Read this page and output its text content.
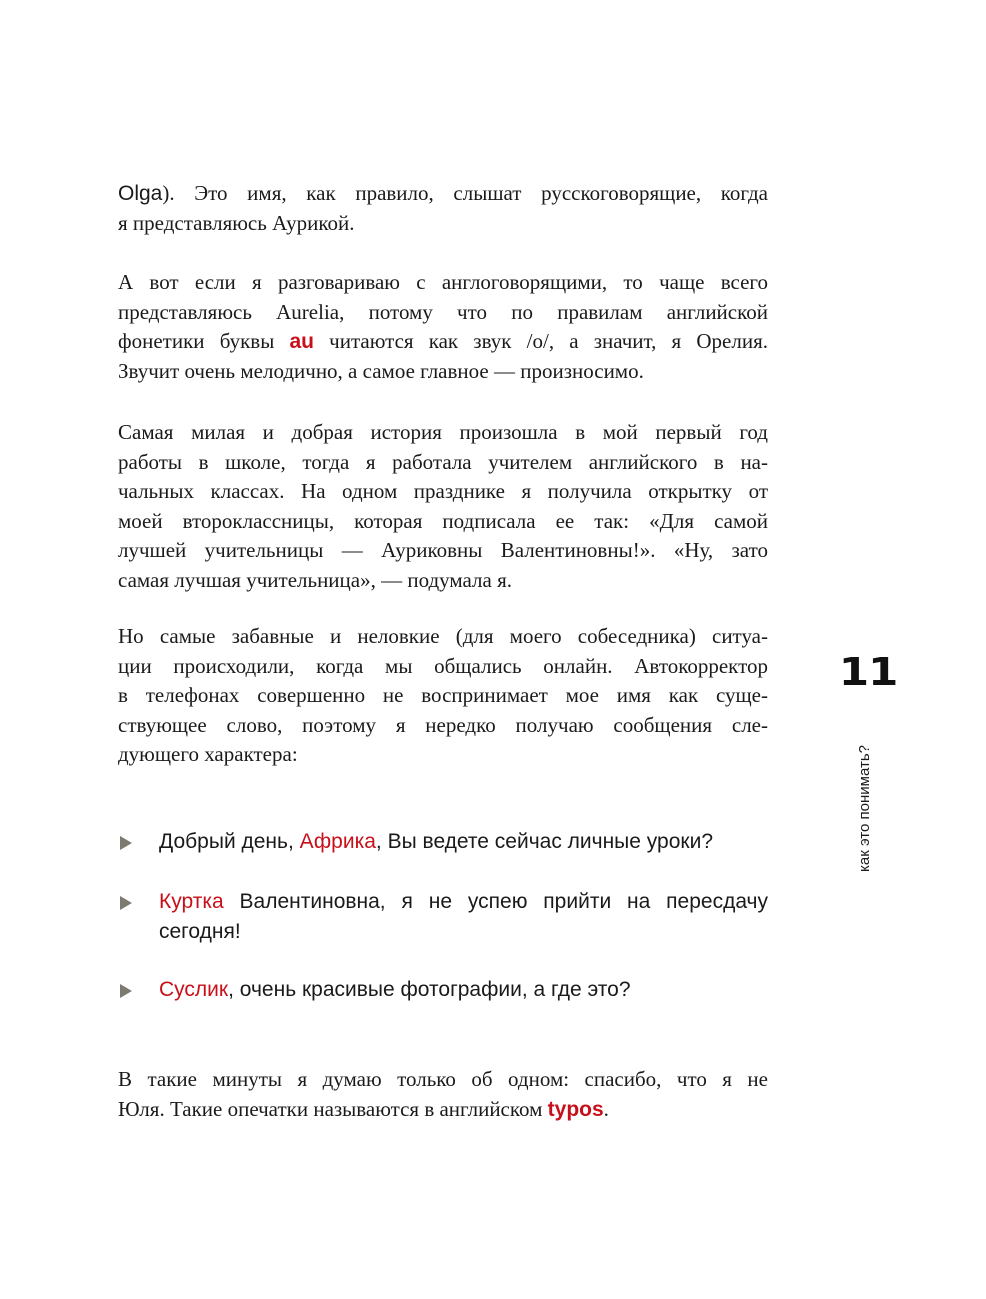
Olga). Это имя, как правило, слышат русскоговорящие, когда
я представляюсь Аурикой.
А вот если я разговариваю с англоговорящими, то чаще всего
представляюсь Aurelia, потому что по правилам английской
фонетики буквы au читаются как звук /o/, а значит, я Орелия.
Звучит очень мелодично, а самое главное — произносимо.
Самая милая и добрая история произошла в мой первый год
работы в школе, тогда я работала учителем английского в на-
чальных классах. На одном празднике я получила открытку от
моей второклассницы, которая подписала ее так: «Для самой
лучшей учительницы — Ауриковны Валентиновны!». «Ну, зато
самая лучшая учительница», — подумала я.
Но самые забавные и неловкие (для моего собеседника) ситуа-
ции происходили, когда мы общались онлайн. Автокорректор
в телефонах совершенно не воспринимает мое имя как суще-
ствующее слово, поэтому я нередко получаю сообщения сле-
дующего характера:
Добрый день, Африка, Вы ведете сейчас личные уроки?
Куртка Валентиновна, я не успею прийти на пересдачу
сегодня!
Суслик, очень красивые фотографии, а где это?
В такие минуты я думаю только об одном: спасибо, что я не
Юля. Такие опечатки называются в английском typos.
11
как это понимать?
